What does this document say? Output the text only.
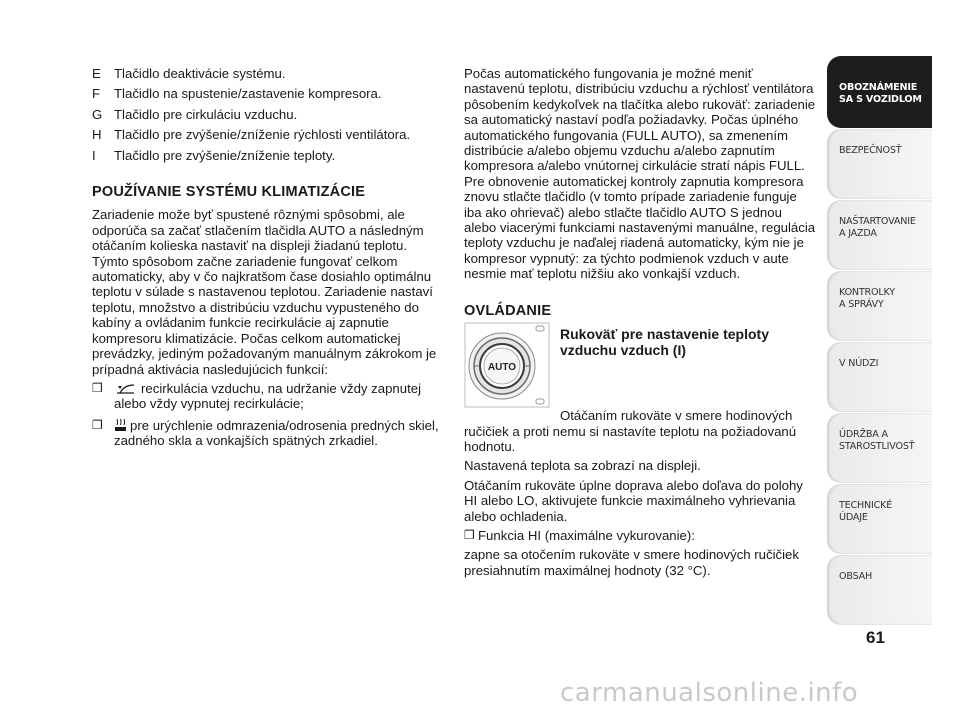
E	Tlačidlo deaktivácie systému.
F	Tlačidlo na spustenie/zastavenie kompresora.
G Tlačidlo pre cirkuláciu vzduchu.
H Tlačidlo pre zvýšenie/zníženie rýchlosti ventilátora.
I	Tlačidlo pre zvýšenie/zníženie teploty.

POUŽÍVANIE SYSTÉMU KLIMATIZÁCIE

Zariadenie može byť spustené rôznými spôsobmi, ale odporúča sa začať stlačením tlačidla AUTO a následným otáčaním kolieska nastaviť na displeji žiadanú teplotu. Týmto spôsobom začne zariadenie fungovať celkom automaticky, aby v čo najkratšom čase dosiahlo optimálnu teplotu v súlade s nastavenou teplotou. Zariadenie nastaví teplotu, množstvo a distribúciu vzduchu vypusteného do kabíny a ovládanim funkcie recirkulácie aj zapnutie kompresoru klimatizácie. Počas celkom automatickej prevádzky, jediným požadovaným manuálnym zákrokom je prípadná aktivácia nasledujúcich funkcií:

❒	recirkulácia vzduchu, na udržanie vždy zapnutej alebo vždy vypnutej recirkulácie;
❒	pre urýchlenie odmrazenia/odrosenia predných skiel, zadného skla a vonkajších spätných zrkadiel.

Počas automatického fungovania je možné meniť nastavenú teplotu, distribúciu vzduchu a rýchlosť ventilátora pôsobením kedykoľvek na tlačítka alebo rukoväť: zariadenie sa automatický nastaví podľa požiadavky. Počas úplného automatického fungovania (FULL AUTO), sa zmenením distribúcie a/alebo objemu vzduchu a/alebo zapnutím kompresora a/alebo vnútornej cirkulácie stratí nápis FULL. Pre obnovenie automatickej kontroly zapnutia kompresora znovu stlačte tlačidlo (v tomto prípade zariadenie funguje iba ako ohrievač) alebo stlačte tlačidlo AUTO S jednou alebo viacerými funkciami nastavenými manuálne, regulácia teploty vzduchu je naďalej riadená automaticky, kým nie je kompresor vypnutý: za týchto podmienok vzduch v aute nesmie mať teplotu nižšiu ako vonkajší vzduch.

OVLÁDANIE

AUTO
Rukoväť pre nastavenie teploty vzduchu vzduch (I)

Otáčaním rukoväte v smere hodinových ručičiek a proti nemu si nastavíte teplotu na požiadovanú hodnotu.

Nastavená teplota sa zobrazí na displeji.

Otáčaním rukoväte úplne doprava alebo doľava do polohy HI alebo LO, aktivujete funkcie maximálneho vyhrievania alebo ochladenia.

❒ Funkcia HI (maximálne vykurovanie):

zapne sa otočením rukoväte v smere hodinových ručičiek presiahnutím maximálnej hodnoty (32 °C).

OBOZNÁMENIE
SA S VOZIDLOM
BEZPEČNOSŤ
NAŠTARTOVANIE
A JAZDA
KONTROLKY
A SPRÁVY
V NÚDZI
ÚDRŽBA A
STAROSTLIVOSŤ
TECHNICKÉ
ÚDAJE
OBSAH
61
carmanualsonline.info
